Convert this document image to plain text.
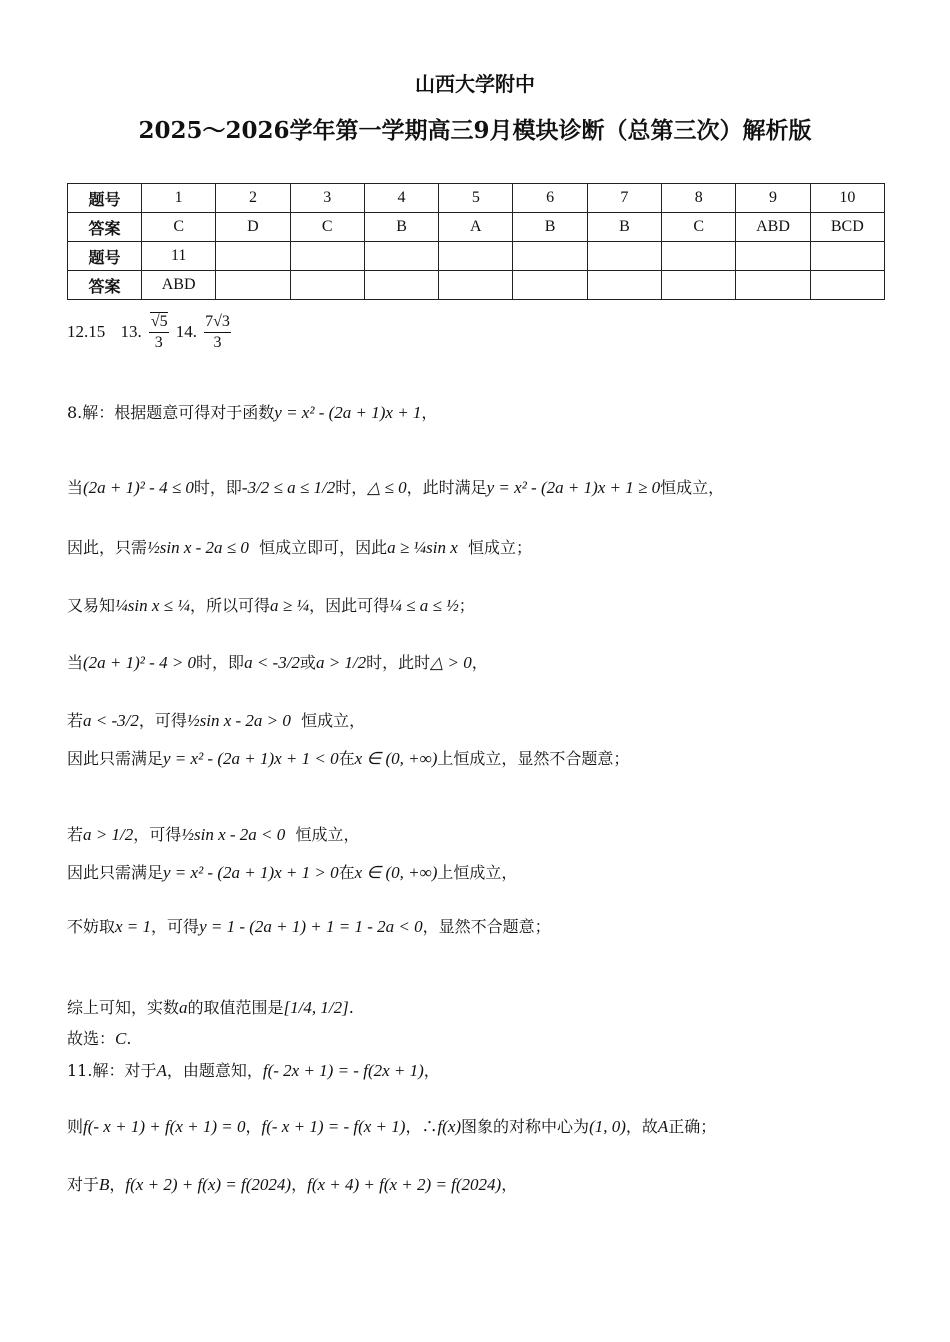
山西大学附中
2025～2026学年第一学期高三9月模块诊断（总第三次）解析版
题号	1	2	3	4	5	6	7	8	9	10
答案	C	D	C	B	A	B	B	C	ABD	BCD
题号	11									
答案	ABD									
12.15 13. $\frac{√5}{3} 14$. $\frac{7√3}{3}$
8.解：根据题意可得对于函数y = x² - (2a + 1)x + 1，
当(2a + 1)² - 4 ≤ 0时，即-3/2 ≤ a ≤ 1/2时，△ ≤ 0，此时满足y = x² - (2a + 1)x + 1 ≥ 0恒成立，
因此，只需½sin x - 2a ≤ 0 恒成立即可，因此a ≥ ¼sin x 恒成立；
又易知¼sin x ≤ ¼，所以可得a ≥ ¼，因此可得¼ ≤ a ≤ ½；
当(2a + 1)² - 4 > 0时，即a < -3/2或a > 1/2时，此时△ > 0，
若a < -3/2，可得½sin x - 2a > 0 恒成立，
因此只需满足y = x² - (2a + 1)x + 1 < 0在x ∈ (0, +∞)上恒成立，显然不合题意；
若a > 1/2，可得½sin x - 2a < 0 恒成立，
因此只需满足y = x² - (2a + 1)x + 1 > 0在x ∈ (0, +∞)上恒成立，
不妨取x = 1，可得y = 1 - (2a + 1) + 1 = 1 - 2a < 0，显然不合题意；
综上可知，实数a的取值范围是[1/4, 1/2].
故选：C.
11.解：对于A，由题意知，f(- 2x + 1) = - f(2x + 1)，
则f(- x + 1) + f(x + 1) = 0，f(- x + 1) = - f(x + 1)，∴f(x)图象的对称中心为(1, 0)，故A正确；
对于B，f(x + 2) + f(x) = f(2024)，f(x + 4) + f(x + 2) = f(2024)，
